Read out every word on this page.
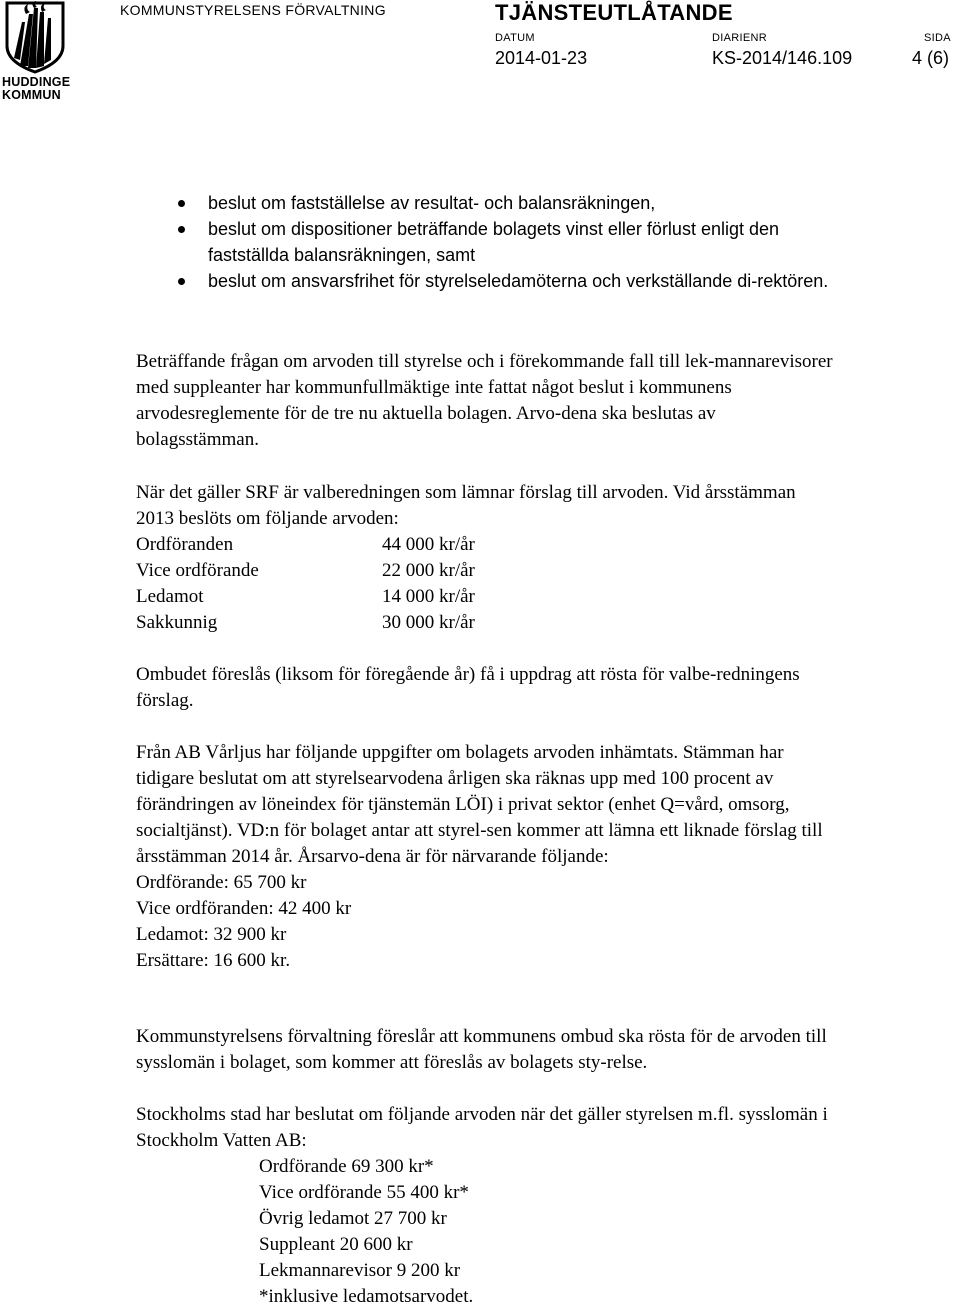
HUDDINGE
KOMMUN
KOMMUNSTYRELSENS FÖRVALTNING	TJÄNSTEUTLÅTANDE
DATUM
2014-01-23
DIARIENR
KS-2014/146.109
SIDA
4 (6)
beslut om fastställelse av resultat- och balansräkningen,
beslut om dispositioner beträffande bolagets vinst eller förlust enligt den fastställda balansräkningen, samt
beslut om ansvarsfrihet för styrelseledamöterna och verkställande di-rektören.

Beträffande frågan om arvoden till styrelse och i förekommande fall till lek-mannarevisorer med suppleanter har kommunfullmäktige inte fattat något beslut i kommunens arvodesreglemente för de tre nu aktuella bolagen. Arvo-dena ska beslutas av bolagsstämman.

När det gäller SRF är valberedningen som lämnar förslag till arvoden. Vid årsstämman 2013 beslöts om följande arvoden:

Ordföranden	44 000 kr/år
Vice ordförande	22 000 kr/år
Ledamot	14 000 kr/år
Sakkunnig	30 000 kr/år

Ombudet föreslås (liksom för föregående år) få i uppdrag att rösta för valbe-redningens förslag.

Från AB Vårljus har följande uppgifter om bolagets arvoden inhämtats. Stämman har tidigare beslutat om att styrelsearvodena årligen ska räknas upp med 100 procent av förändringen av löneindex för tjänstemän LÖI) i privat sektor (enhet Q=vård, omsorg, socialtjänst). VD:n för bolaget antar att styrel-sen kommer att lämna ett liknade förslag till årsstämman 2014 år. Årsarvo-dena är för närvarande följande:

Ordförande: 65 700 kr

Vice ordföranden: 42 400 kr

Ledamot: 32 900 kr

Ersättare: 16 600 kr.

Kommunstyrelsens förvaltning föreslår att kommunens ombud ska rösta för de arvoden till sysslomän i bolaget, som kommer att föreslås av bolagets sty-relse.

Stockholms stad har beslutat om följande arvoden när det gäller styrelsen m.fl. sysslomän i Stockholm Vatten AB:

Ordförande 69 300 kr*

Vice ordförande 55 400 kr*

Övrig ledamot 27 700 kr

Suppleant 20 600 kr

Lekmannarevisor 9 200 kr

*inklusive ledamotsarvodet.
